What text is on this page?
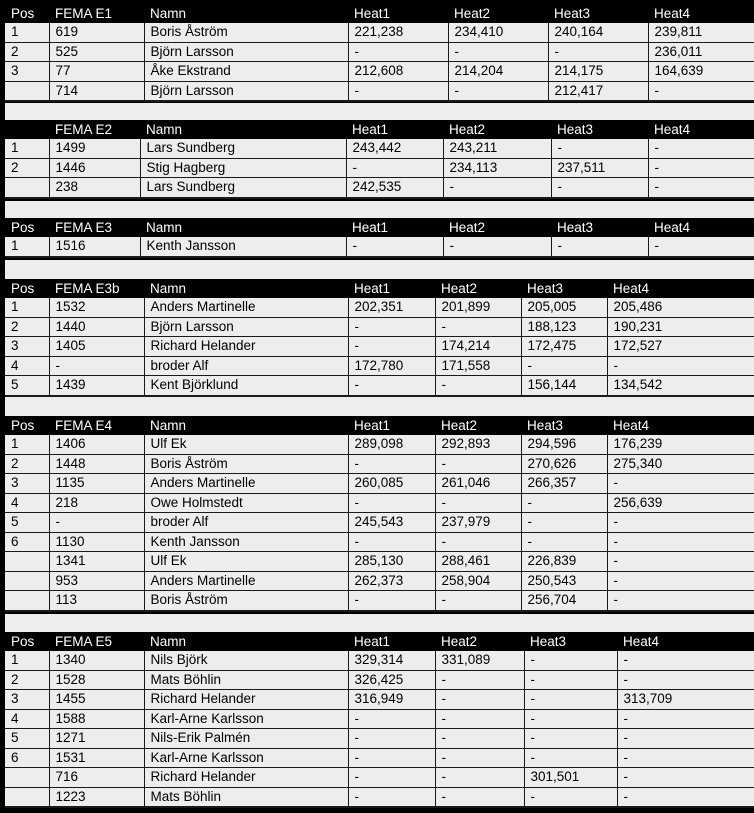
Pos	FEMA E1	Namn	Heat1	Heat2	Heat3	Heat4
1	619	Boris Åström	221,238	234,410	240,164	239,811
2	525	Björn Larsson	-	-	-	236,011
3	77	Åke Ekstrand	212,608	214,204	214,175	164,639
	714	Björn Larsson	-	-	212,417	-
	FEMA E2	Namn	Heat1	Heat2	Heat3	Heat4
1	1499	Lars Sundberg	243,442	243,211	-	-
2	1446	Stig Hagberg	-	234,113	237,511	-
	238	Lars Sundberg	242,535	-	-	-
Pos	FEMA E3	Namn	Heat1	Heat2	Heat3	Heat4
1	1516	Kenth Jansson	-	-	-	-
Pos	FEMA E3b	Namn	Heat1	Heat2	Heat3	Heat4
1	1532	Anders Martinelle	202,351	201,899	205,005	205,486
2	1440	Björn Larsson	-	-	188,123	190,231
3	1405	Richard Helander	-	174,214	172,475	172,527
4	-	broder Alf	172,780	171,558	-	-
5	1439	Kent Björklund	-	-	156,144	134,542
Pos	FEMA E4	Namn	Heat1	Heat2	Heat3	Heat4
1	1406	Ulf Ek	289,098	292,893	294,596	176,239
2	1448	Boris Åström	-	-	270,626	275,340
3	1135	Anders Martinelle	260,085	261,046	266,357	-
4	218	Owe Holmstedt	-	-	-	256,639
5	-	broder Alf	245,543	237,979	-	-
6	1130	Kenth Jansson	-	-	-	-
	1341	Ulf Ek	285,130	288,461	226,839	-
	953	Anders Martinelle	262,373	258,904	250,543	-
	113	Boris Åström	-	-	256,704	-
Pos	FEMA E5	Namn	Heat1	Heat2	Heat3	Heat4
1	1340	Nils Björk	329,314	331,089	-	-
2	1528	Mats Böhlin	326,425	-	-	-
3	1455	Richard Helander	316,949	-	-	313,709
4	1588	Karl-Arne Karlsson	-	-	-	-
5	1271	Nils-Erik Palmén	-	-	-	-
6	1531	Karl-Arne Karlsson	-	-	-	-
	716	Richard Helander	-	-	301,501	-
	1223	Mats Böhlin	-	-	-	-
